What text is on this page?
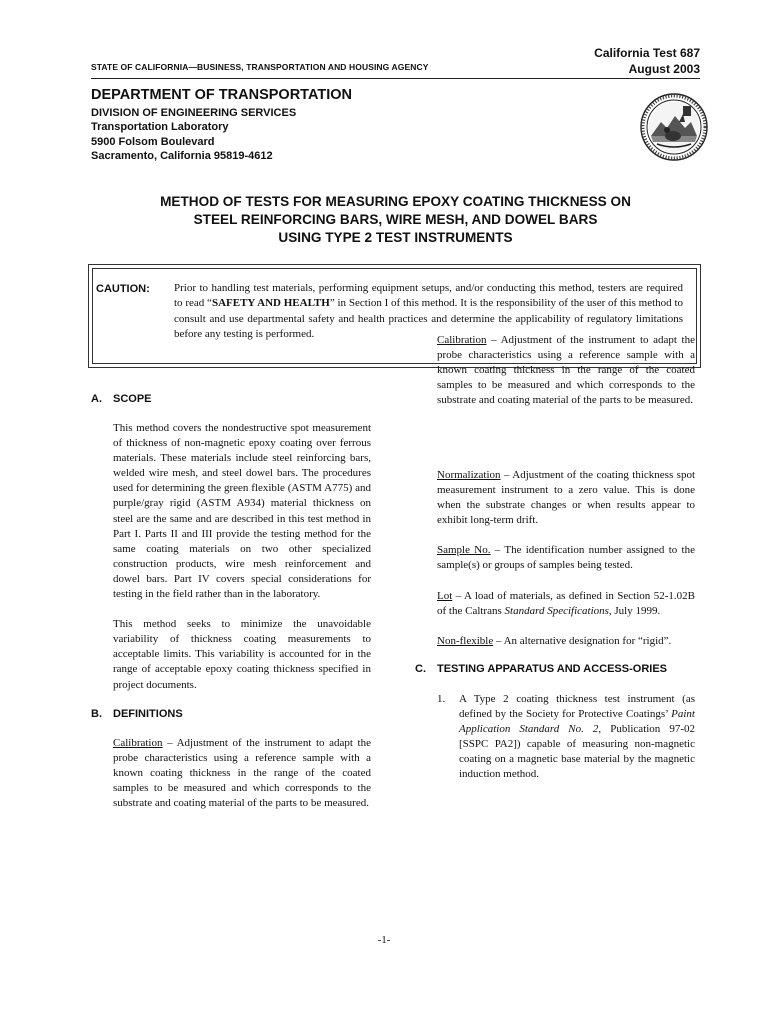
STATE OF CALIFORNIA—BUSINESS, TRANSPORTATION AND HOUSING AGENCY
California Test 687
August 2003
DEPARTMENT OF TRANSPORTATION
DIVISION OF ENGINEERING SERVICES
Transportation Laboratory
5900 Folsom Boulevard
Sacramento, California 95819-4612
METHOD OF TESTS FOR MEASURING EPOXY COATING THICKNESS ON
STEEL REINFORCING BARS, WIRE MESH, AND DOWEL BARS
USING TYPE 2 TEST INSTRUMENTS
CAUTION: Prior to handling test materials, performing equipment setups, and/or conducting this method, testers are required to read “SAFETY AND HEALTH” in Section I of this method. It is the responsibility of the user of this method to consult and use departmental safety and health practices and determine the applicability of regulatory limitations before any testing is performed.
A.	SCOPE
This method covers the nondestructive spot measurement of thickness of non-magnetic epoxy coating over ferrous materials. These materials include steel reinforcing bars, welded wire mesh, and steel dowel bars. The procedures used for determining the green flexible (ASTM A775) and purple/gray rigid (ASTM A934) material thickness on steel are the same and are described in this test method in Part I. Parts II and III provide the testing method for the same coating materials on two other specialized construction products, wire mesh reinforcement and dowel bars. Part IV covers special considerations for testing in the field rather than in the laboratory.
This method seeks to minimize the unavoidable variability of thickness coating measurements to acceptable limits. This variability is accounted for in the range of acceptable epoxy coating thickness specified in project documents.
B.	DEFINITIONS
Calibration – Adjustment of the instrument to adapt the probe characteristics using a reference sample with a known coating thickness in the range of the coated samples to be measured and which corresponds to the substrate and coating material of the parts to be measured.
Calibration – Adjustment of the instrument to adapt the probe characteristics using a reference sample with a known coating thickness in the range of the coated samples to be measured and which corresponds to the substrate and coating material of the parts to be measured.
Normalization – Adjustment of the coating thickness spot measurement instrument to a zero value. This is done when the substrate changes or when results appear to exhibit long-term drift.
Sample No. – The identification number assigned to the sample(s) or groups of samples being tested.
Lot – A load of materials, as defined in Section 52-1.02B of the Caltrans Standard Specifications, July 1999.
Non-flexible – An alternative designation for “rigid”.
C.	TESTING APPARATUS AND ACCESS-ORIES
1.	A Type 2 coating thickness test instrument (as defined by the Society for Protective Coatings’ Paint Application Standard No. 2, Publication 97-02 [SSPC PA2]) capable of measuring non-magnetic coating on a magnetic base material by the magnetic induction method.
-1-
